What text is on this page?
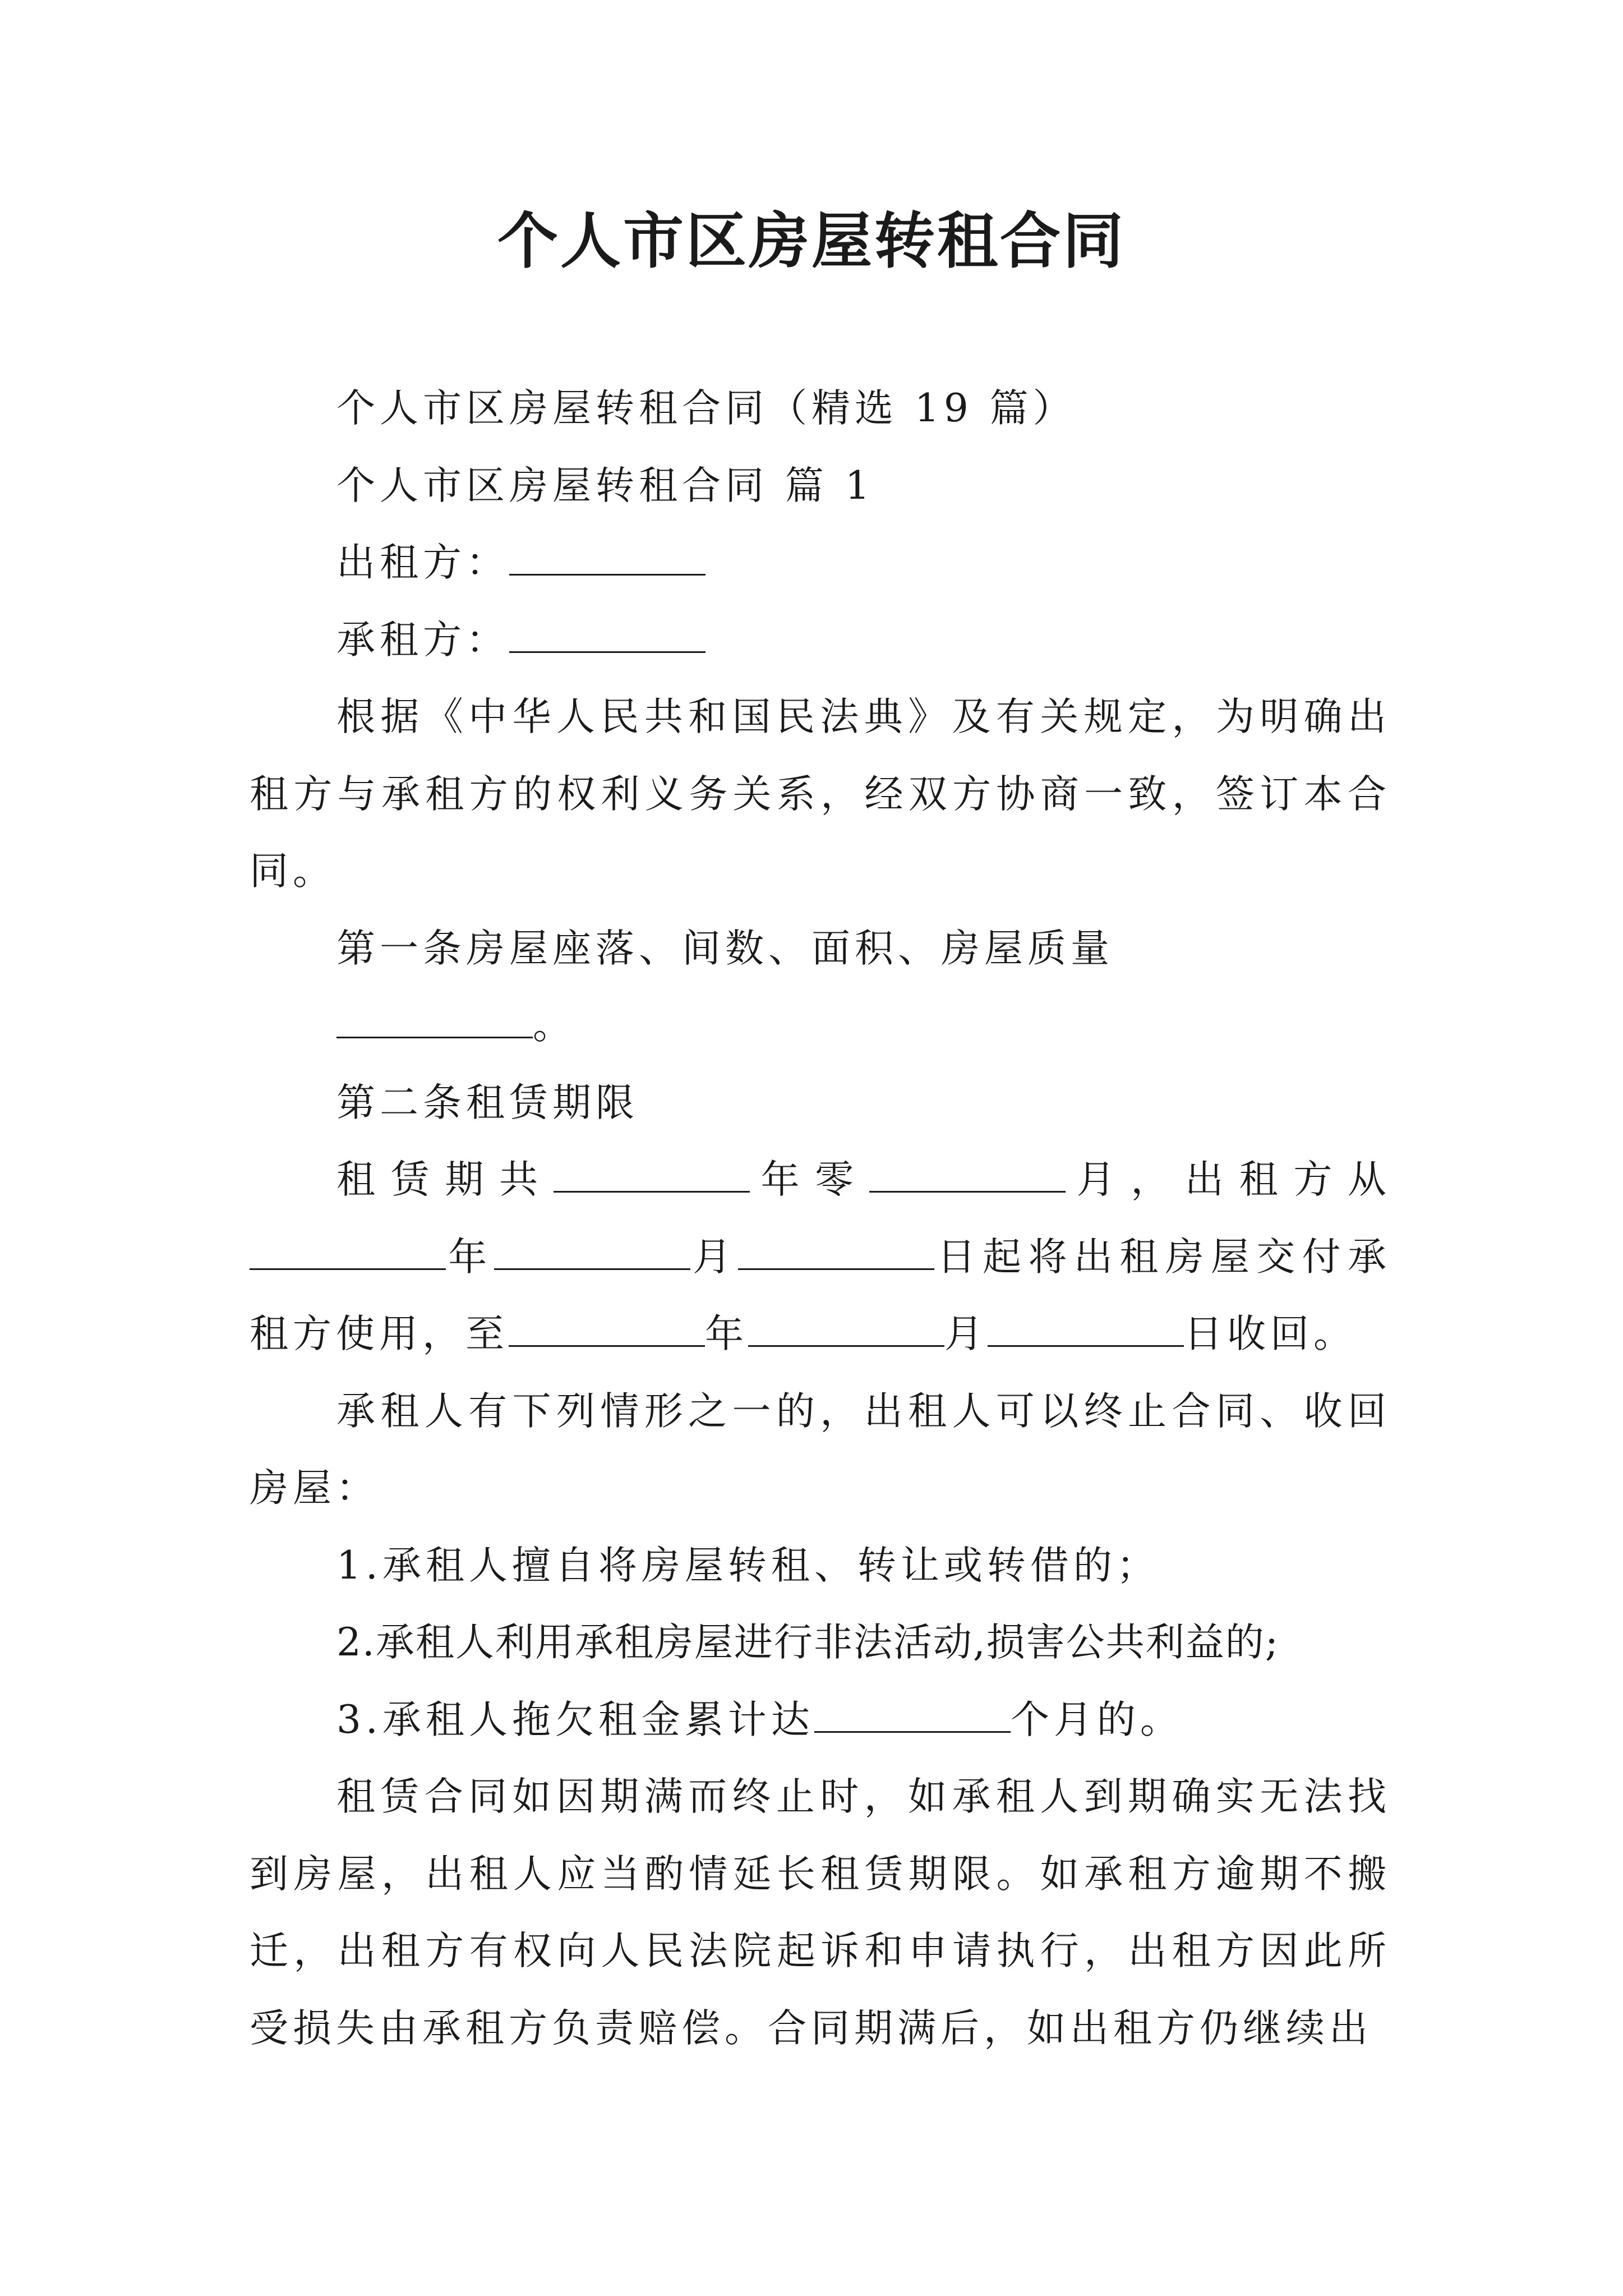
个人市区房屋转租合同

个人市区房屋转租合同（精选 19 篇）

个人市区房屋转租合同 篇 1

出租方：

承租方：

根据《中华人民共和国民法典》及有关规定，为明确出租方与承租方的权利义务关系，经双方协商一致，签订本合同。

第一条房屋座落、间数、面积、房屋质量

。

第二条租赁期限

租赁期共	年零	月，出租方从年	月	日起将出租房屋交付承租方使用，至	年	月	日收回。

承租人有下列情形之一的，出租人可以终止合同、收回房屋：

1.承租人擅自将房屋转租、转让或转借的；

2.承租人利用承租房屋进行非法活动,损害公共利益的;

3.承租人拖欠租金累计达	个月的。

租赁合同如因期满而终止时，如承租人到期确实无法找到房屋，出租人应当酌情延长租赁期限。如承租方逾期不搬迁，出租方有权向人民法院起诉和申请执行，出租方因此所受损失由承租方负责赔偿。合同期满后，如出租方仍继续出
